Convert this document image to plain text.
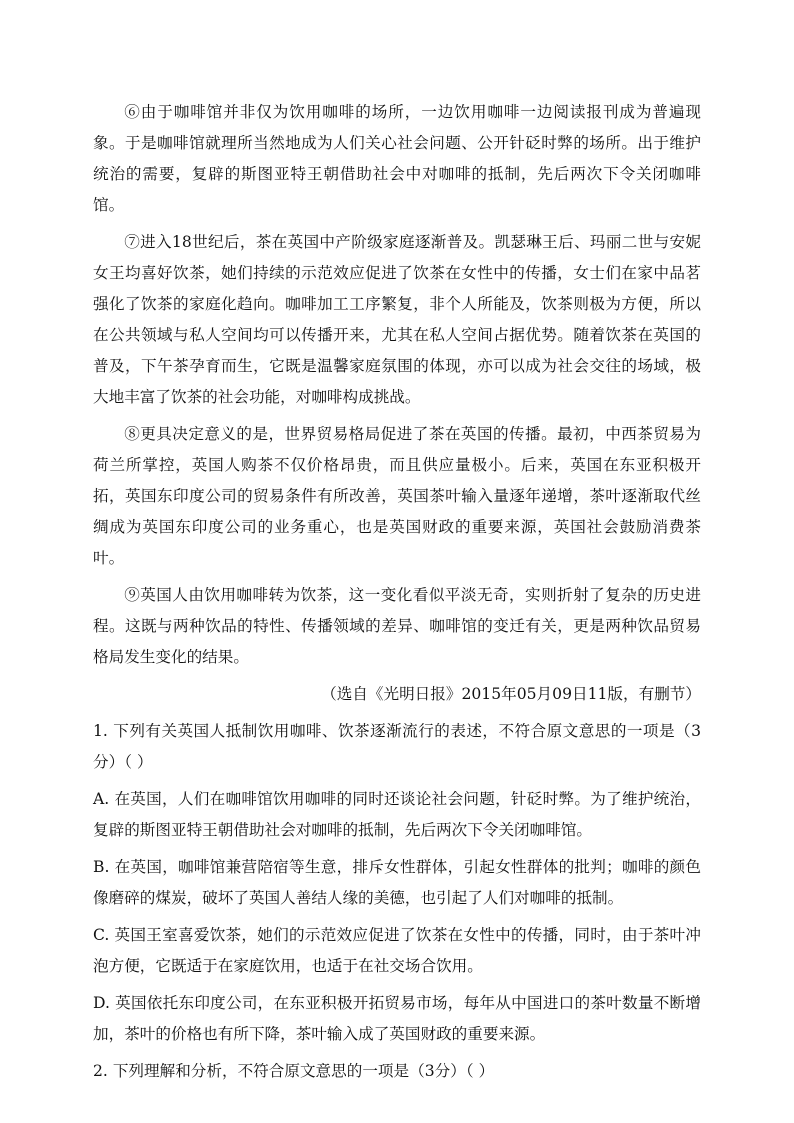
⑥由于咖啡馆并非仅为饮用咖啡的场所，一边饮用咖啡一边阅读报刊成为普遍现象。于是咖啡馆就理所当然地成为人们关心社会问题、公开针砭时弊的场所。出于维护统治的需要，复辟的斯图亚特王朝借助社会中对咖啡的抵制，先后两次下令关闭咖啡馆。

⑦进入18世纪后，茶在英国中产阶级家庭逐渐普及。凯瑟琳王后、玛丽二世与安妮女王均喜好饮茶，她们持续的示范效应促进了饮茶在女性中的传播，女士们在家中品茗强化了饮茶的家庭化趋向。咖啡加工工序繁复，非个人所能及，饮茶则极为方便，所以在公共领域与私人空间均可以传播开来，尤其在私人空间占据优势。随着饮茶在英国的普及，下午茶孕育而生，它既是温馨家庭氛围的体现，亦可以成为社会交往的场域，极大地丰富了饮茶的社会功能，对咖啡构成挑战。

⑧更具决定意义的是，世界贸易格局促进了茶在英国的传播。最初，中西茶贸易为荷兰所掌控，英国人购茶不仅价格昂贵，而且供应量极小。后来，英国在东亚积极开拓，英国东印度公司的贸易条件有所改善，英国茶叶输入量逐年递增，茶叶逐渐取代丝绸成为英国东印度公司的业务重心，也是英国财政的重要来源，英国社会鼓励消费茶叶。

⑨英国人由饮用咖啡转为饮茶，这一变化看似平淡无奇，实则折射了复杂的历史进程。这既与两种饮品的特性、传播领域的差异、咖啡馆的变迁有关，更是两种饮品贸易格局发生变化的结果。

（选自《光明日报》2015年05月09日11版，有删节）

1. 下列有关英国人抵制饮用咖啡、饮茶逐渐流行的表述，不符合原文意思的一项是（3分）（ ）

A. 在英国，人们在咖啡馆饮用咖啡的同时还谈论社会问题，针砭时弊。为了维护统治，复辟的斯图亚特王朝借助社会对咖啡的抵制，先后两次下令关闭咖啡馆。

B. 在英国，咖啡馆兼营陪宿等生意，排斥女性群体，引起女性群体的批判；咖啡的颜色像磨碎的煤炭，破坏了英国人善结人缘的美德，也引起了人们对咖啡的抵制。

C. 英国王室喜爱饮茶，她们的示范效应促进了饮茶在女性中的传播，同时，由于茶叶冲泡方便，它既适于在家庭饮用，也适于在社交场合饮用。

D. 英国依托东印度公司，在东亚积极开拓贸易市场，每年从中国进口的茶叶数量不断增加，茶叶的价格也有所下降，茶叶输入成了英国财政的重要来源。

2. 下列理解和分析，不符合原文意思的一项是（3分）（ ）
